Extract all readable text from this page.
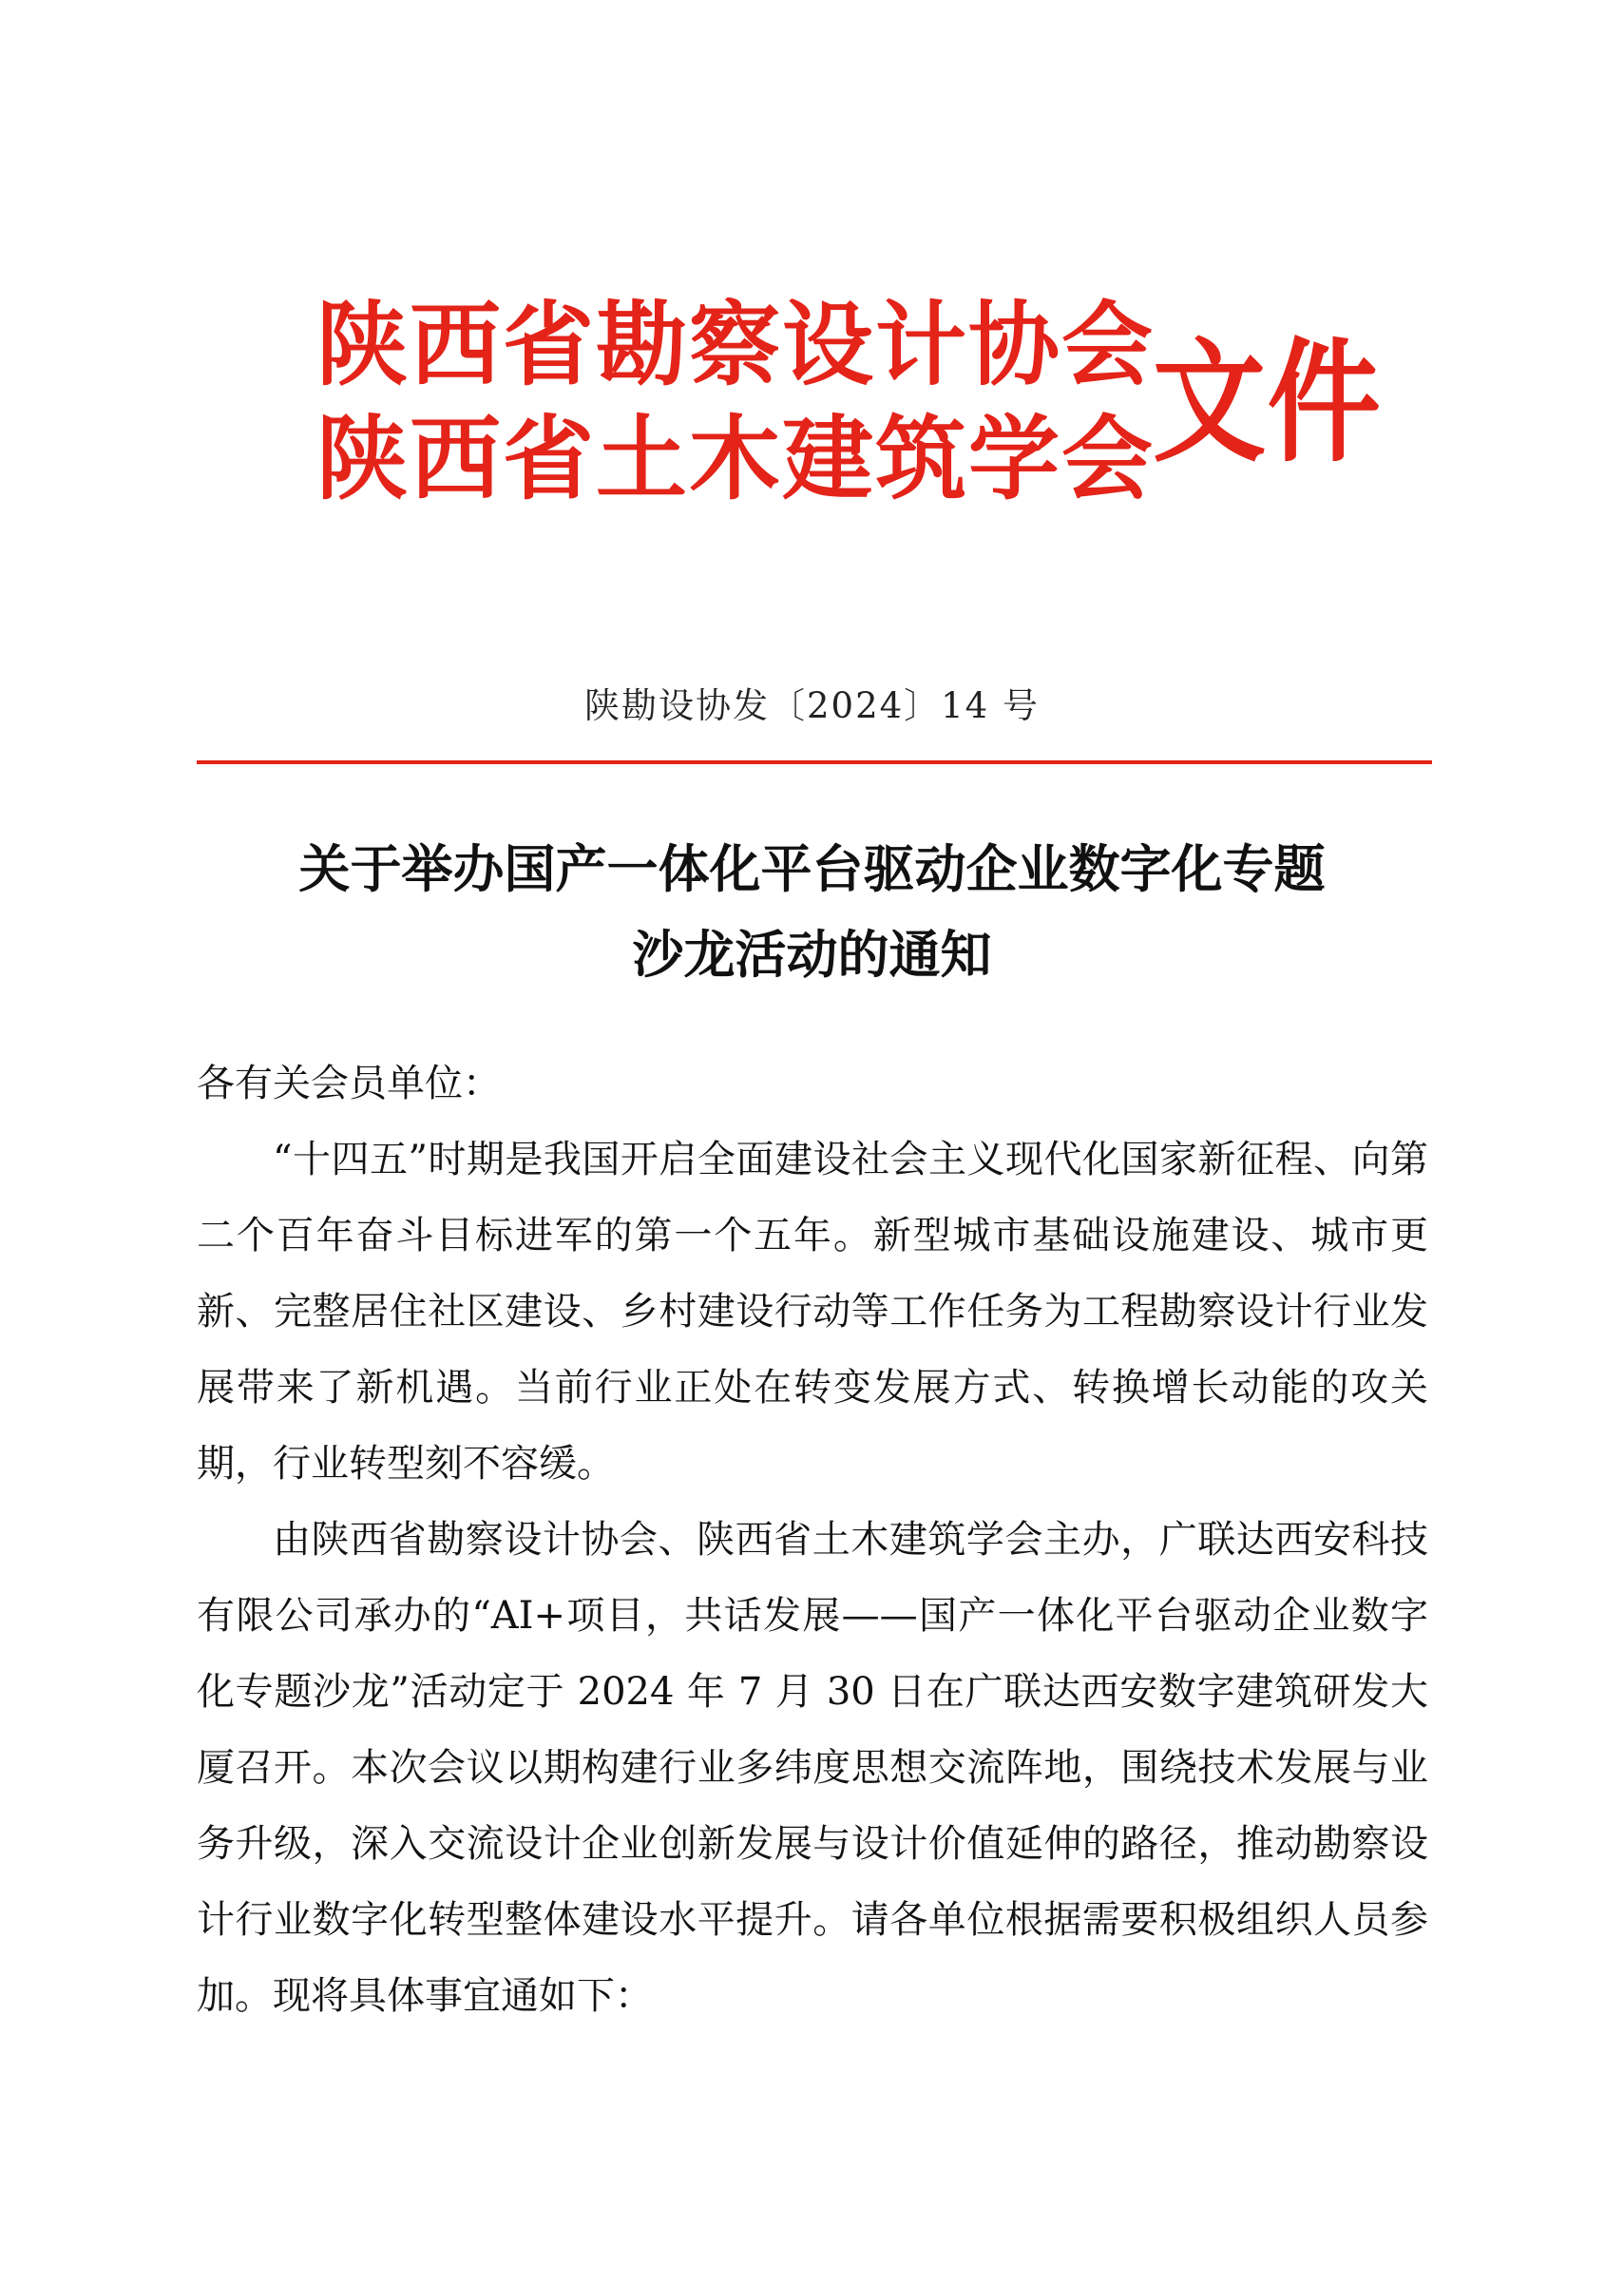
陕西省勘察设计协会
陕西省土木建筑学会
文件
陕勘设协发〔2024〕14 号
关于举办国产一体化平台驱动企业数字化专题
沙龙活动的通知

各有关会员单位：

“十四五”时期是我国开启全面建设社会主义现代化国家新征程、向第二个百年奋斗目标进军的第一个五年。新型城市基础设施建设、城市更新、完整居住社区建设、乡村建设行动等工作任务为工程勘察设计行业发展带来了新机遇。当前行业正处在转变发展方式、转换增长动能的攻关期，行业转型刻不容缓。

由陕西省勘察设计协会、陕西省土木建筑学会主办，广联达西安科技有限公司承办的“AI+项目，共话发展——国产一体化平台驱动企业数字化专题沙龙”活动定于 2024 年 7 月 30 日在广联达西安数字建筑研发大厦召开。本次会议以期构建行业多纬度思想交流阵地，围绕技术发展与业务升级，深入交流设计企业创新发展与设计价值延伸的路径，推动勘察设计行业数字化转型整体建设水平提升。请各单位根据需要积极组织人员参加。现将具体事宜通如下：
